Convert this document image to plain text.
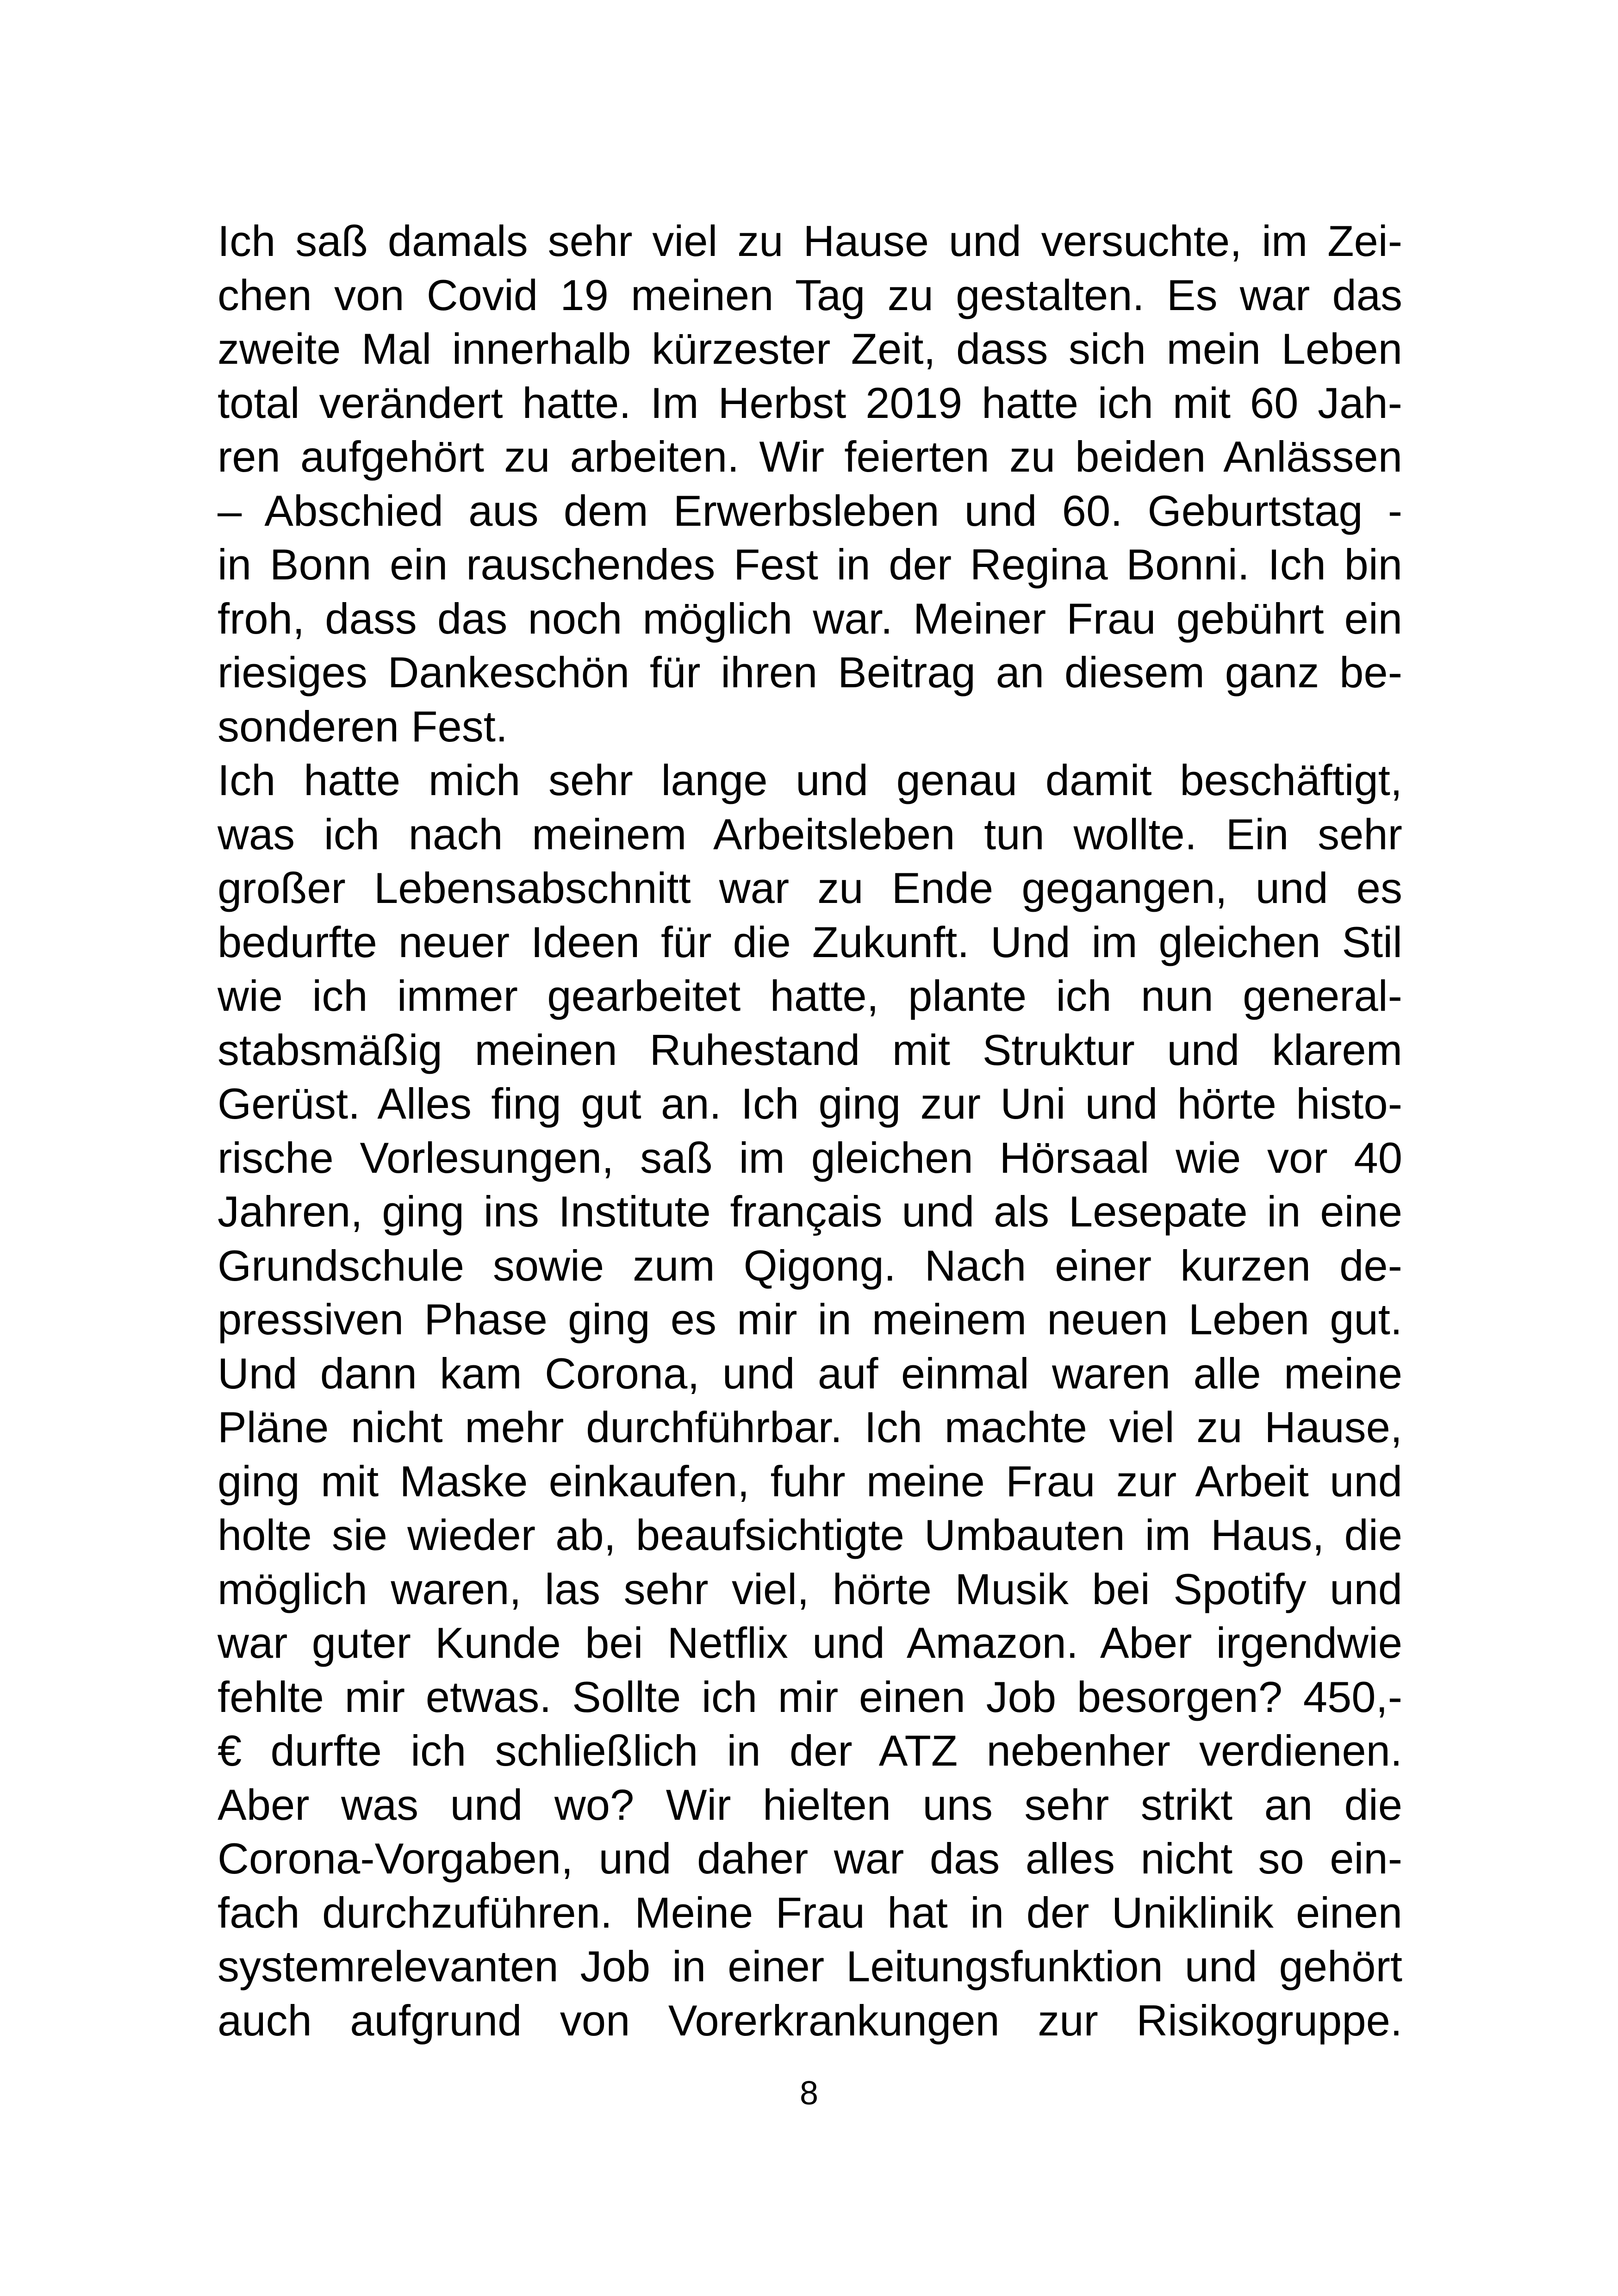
Ich saß damals sehr viel zu Hause und versuchte, im Zei-
chen von Covid 19 meinen Tag zu gestalten. Es war das
zweite Mal innerhalb kürzester Zeit, dass sich mein Leben
total verändert hatte. Im Herbst 2019 hatte ich mit 60 Jah-
ren aufgehört zu arbeiten. Wir feierten zu beiden Anlässen
– Abschied aus dem Erwerbsleben und 60. Geburtstag -
in Bonn ein rauschendes Fest in der Regina Bonni. Ich bin
froh, dass das noch möglich war. Meiner Frau gebührt ein
riesiges Dankeschön für ihren Beitrag an diesem ganz be-
sonderen Fest.
Ich hatte mich sehr lange und genau damit beschäftigt,
was ich nach meinem Arbeitsleben tun wollte. Ein sehr
großer Lebensabschnitt war zu Ende gegangen, und es
bedurfte neuer Ideen für die Zukunft. Und im gleichen Stil
wie ich immer gearbeitet hatte, plante ich nun general-
stabsmäßig meinen Ruhestand mit Struktur und klarem
Gerüst. Alles fing gut an. Ich ging zur Uni und hörte histo-
rische Vorlesungen, saß im gleichen Hörsaal wie vor 40
Jahren, ging ins Institute français und als Lesepate in eine
Grundschule sowie zum Qigong. Nach einer kurzen de-
pressiven Phase ging es mir in meinem neuen Leben gut.
Und dann kam Corona, und auf einmal waren alle meine
Pläne nicht mehr durchführbar. Ich machte viel zu Hause,
ging mit Maske einkaufen, fuhr meine Frau zur Arbeit und
holte sie wieder ab, beaufsichtigte Umbauten im Haus, die
möglich waren, las sehr viel, hörte Musik bei Spotify und
war guter Kunde bei Netflix und Amazon. Aber irgendwie
fehlte mir etwas. Sollte ich mir einen Job besorgen? 450,-
€ durfte ich schließlich in der ATZ nebenher verdienen.
Aber was und wo? Wir hielten uns sehr strikt an die
Corona-Vorgaben, und daher war das alles nicht so ein-
fach durchzuführen. Meine Frau hat in der Uniklinik einen
systemrelevanten Job in einer Leitungsfunktion und gehört
auch aufgrund von Vorerkrankungen zur Risikogruppe.
8
